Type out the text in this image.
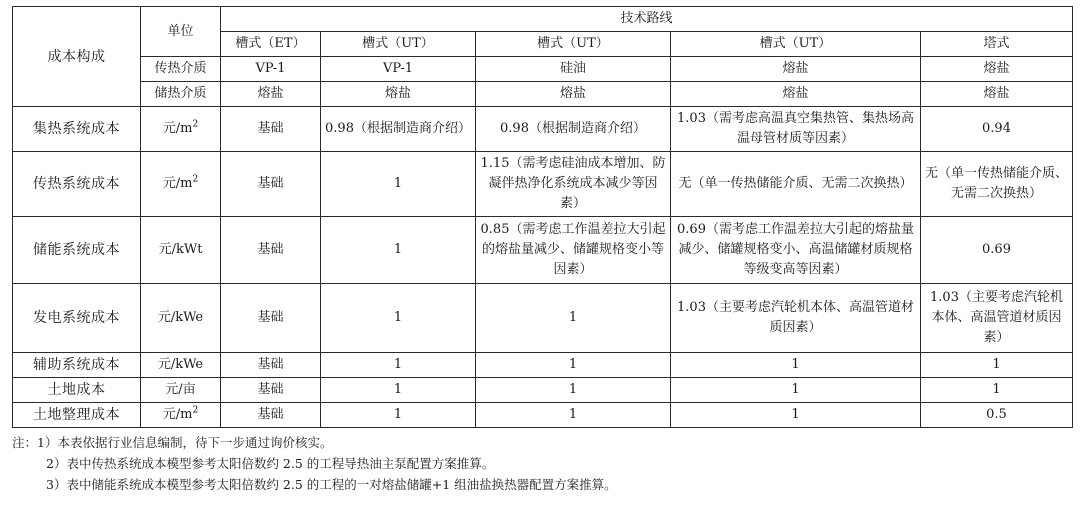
成本构成	单位	技术路线				
		槽式（ET）	槽式（UT）	槽式（UT）	槽式（UT）	塔式
	传热介质	VP-1	VP-1	硅油	熔盐	熔盐
	储热介质	熔盐	熔盐	熔盐	熔盐	熔盐
集热系统成本	元$/m^2$	基础	0.98（根据制造商介绍）	0.98（根据制造商介绍）	1.03（需考虑高温真空集热管、集热场高温母管材质等因素）	0.94
传热系统成本	元$/m^2$	基础	1	1.15（需考虑硅油成本增加、防凝伴热净化系统成本减少等因素）	无（单一传热储能介质、无需二次换热）	无（单一传热储能介质、无需二次换热）
储能系统成本	元/kWt	基础	1	0.85（需考虑工作温差拉大引起的熔盐量减少、储罐规格变小等因素）	0.69（需考虑工作温差拉大引起的熔盐量减少、储罐规格变小、高温储罐材质规格等级变高等因素）	0.69
发电系统成本	元/kWe	基础	1	1	1.03（主要考虑汽轮机本体、高温管道材质因素）	1.03（主要考虑汽轮机本体、高温管道材质因素）
辅助系统成本	元/kWe	基础	1	1	1	1
土地成本	元/亩	基础	1	1	1	1
土地整理成本	元$/m^2$	基础	1	1	1	0.5
注：1）本表依据行业信息编制，待下一步通过询价核实。
2）表中传热系统成本模型参考太阳倍数约 2.5 的工程导热油主泵配置方案推算。
3）表中储能系统成本模型参考太阳倍数约 2.5 的工程的一对熔盐储罐+1 组油盐换热器配置方案推算。
